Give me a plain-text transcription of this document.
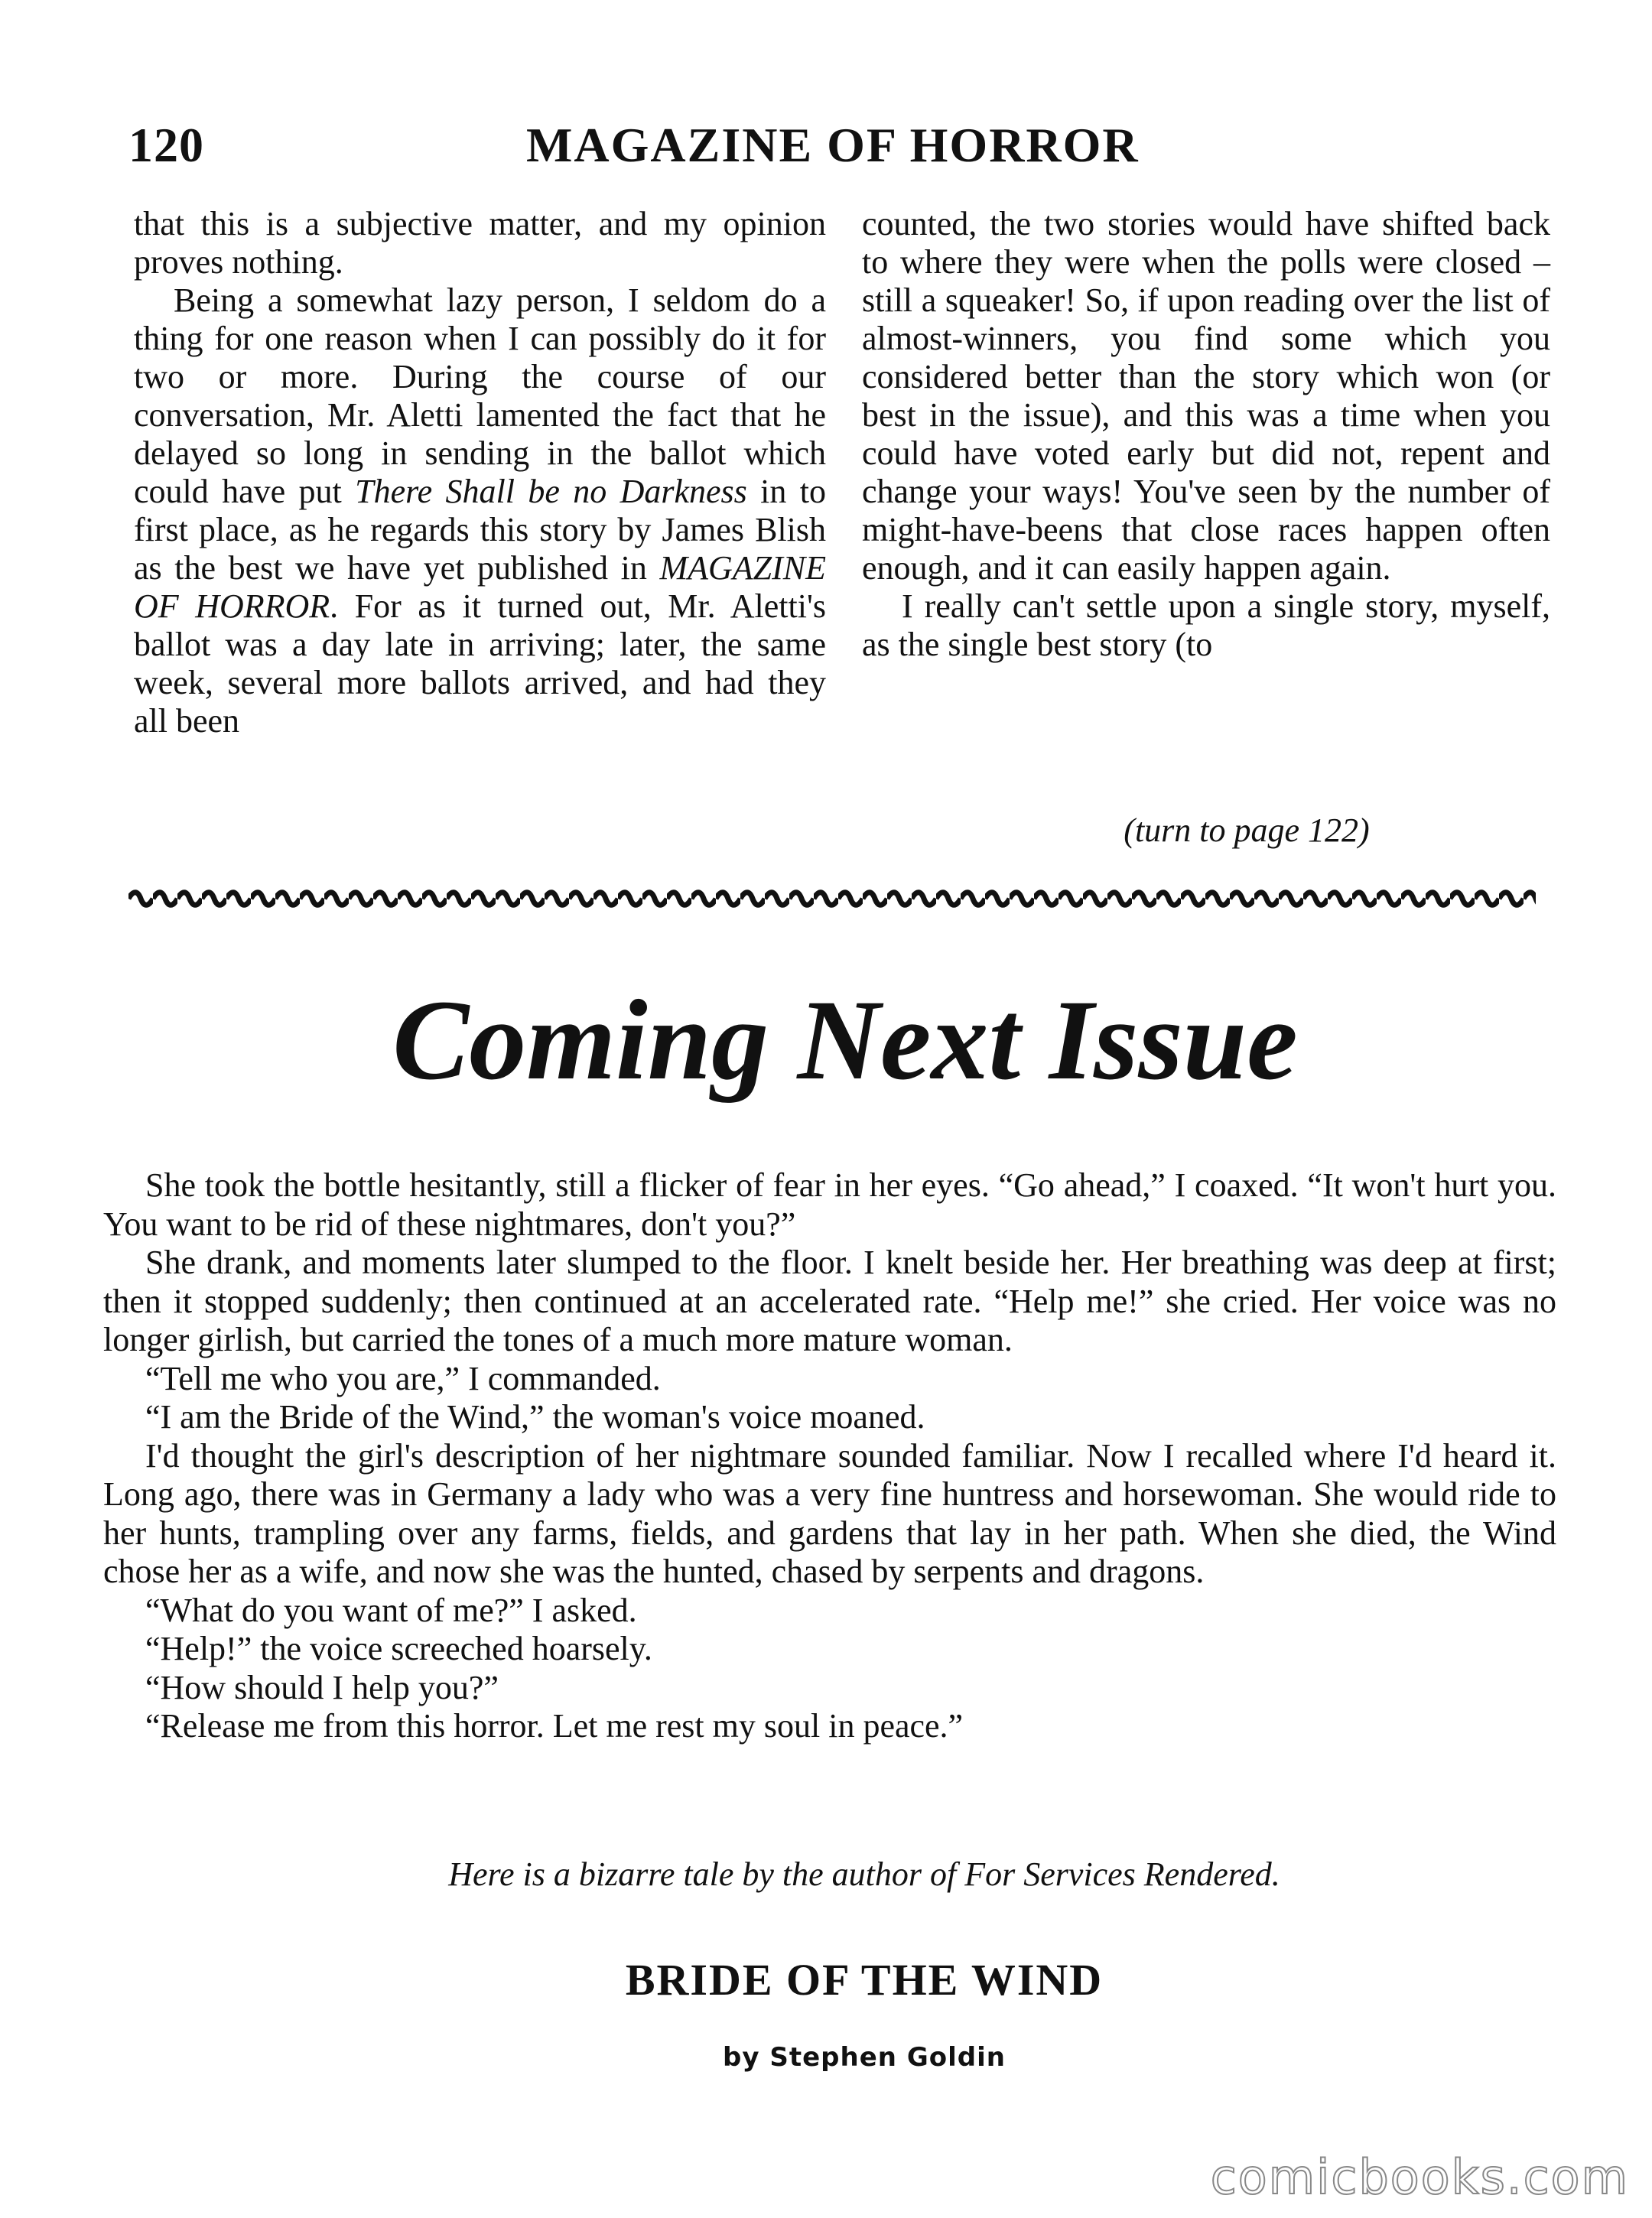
120	MAGAZINE OF HORROR

that this is a subjective matter, and my opinion proves nothing.

Being a somewhat lazy person, I seldom do a thing for one reason when I can possibly do it for two or more. During the course of our conversation, Mr. Aletti lamented the fact that he delayed so long in sending in the ballot which could have put There Shall be no Darkness in to first place, as he regards this story by James Blish as the best we have yet published in MAGAZINE OF HORROR. For as it turned out, Mr. Aletti's ballot was a day late in arriving; later, the same week, several more ballots arrived, and had they all been

counted, the two stories would have shifted back to where they were when the polls were closed – still a squeaker! So, if upon reading over the list of almost-winners, you find some which you considered better than the story which won (or best in the issue), and this was a time when you could have voted early but did not, repent and change your ways! You've seen by the number of might-have-beens that close races happen often enough, and it can easily happen again.

I really can't settle upon a single story, myself, as the single best story (to

(turn to page 122)
Coming Next Issue

She took the bottle hesitantly, still a flicker of fear in her eyes. “Go ahead,” I coaxed. “It won't hurt you. You want to be rid of these nightmares, don't you?”

She drank, and moments later slumped to the floor. I knelt beside her. Her breathing was deep at first; then it stopped suddenly; then continued at an accelerated rate. “Help me!” she cried. Her voice was no longer girlish, but carried the tones of a much more mature woman.

“Tell me who you are,” I commanded.

“I am the Bride of the Wind,” the woman's voice moaned.

I'd thought the girl's description of her nightmare sounded familiar. Now I recalled where I'd heard it. Long ago, there was in Germany a lady who was a very fine huntress and horsewoman. She would ride to her hunts, trampling over any farms, fields, and gardens that lay in her path. When she died, the Wind chose her as a wife, and now she was the hunted, chased by serpents and dragons.

“What do you want of me?” I asked.

“Help!” the voice screeched hoarsely.

“How should I help you?”

“Release me from this horror. Let me rest my soul in peace.”

Here is a bizarre tale by the author of For Services Rendered.
BRIDE OF THE WIND
by Stephen Goldin
comicbooks.com
